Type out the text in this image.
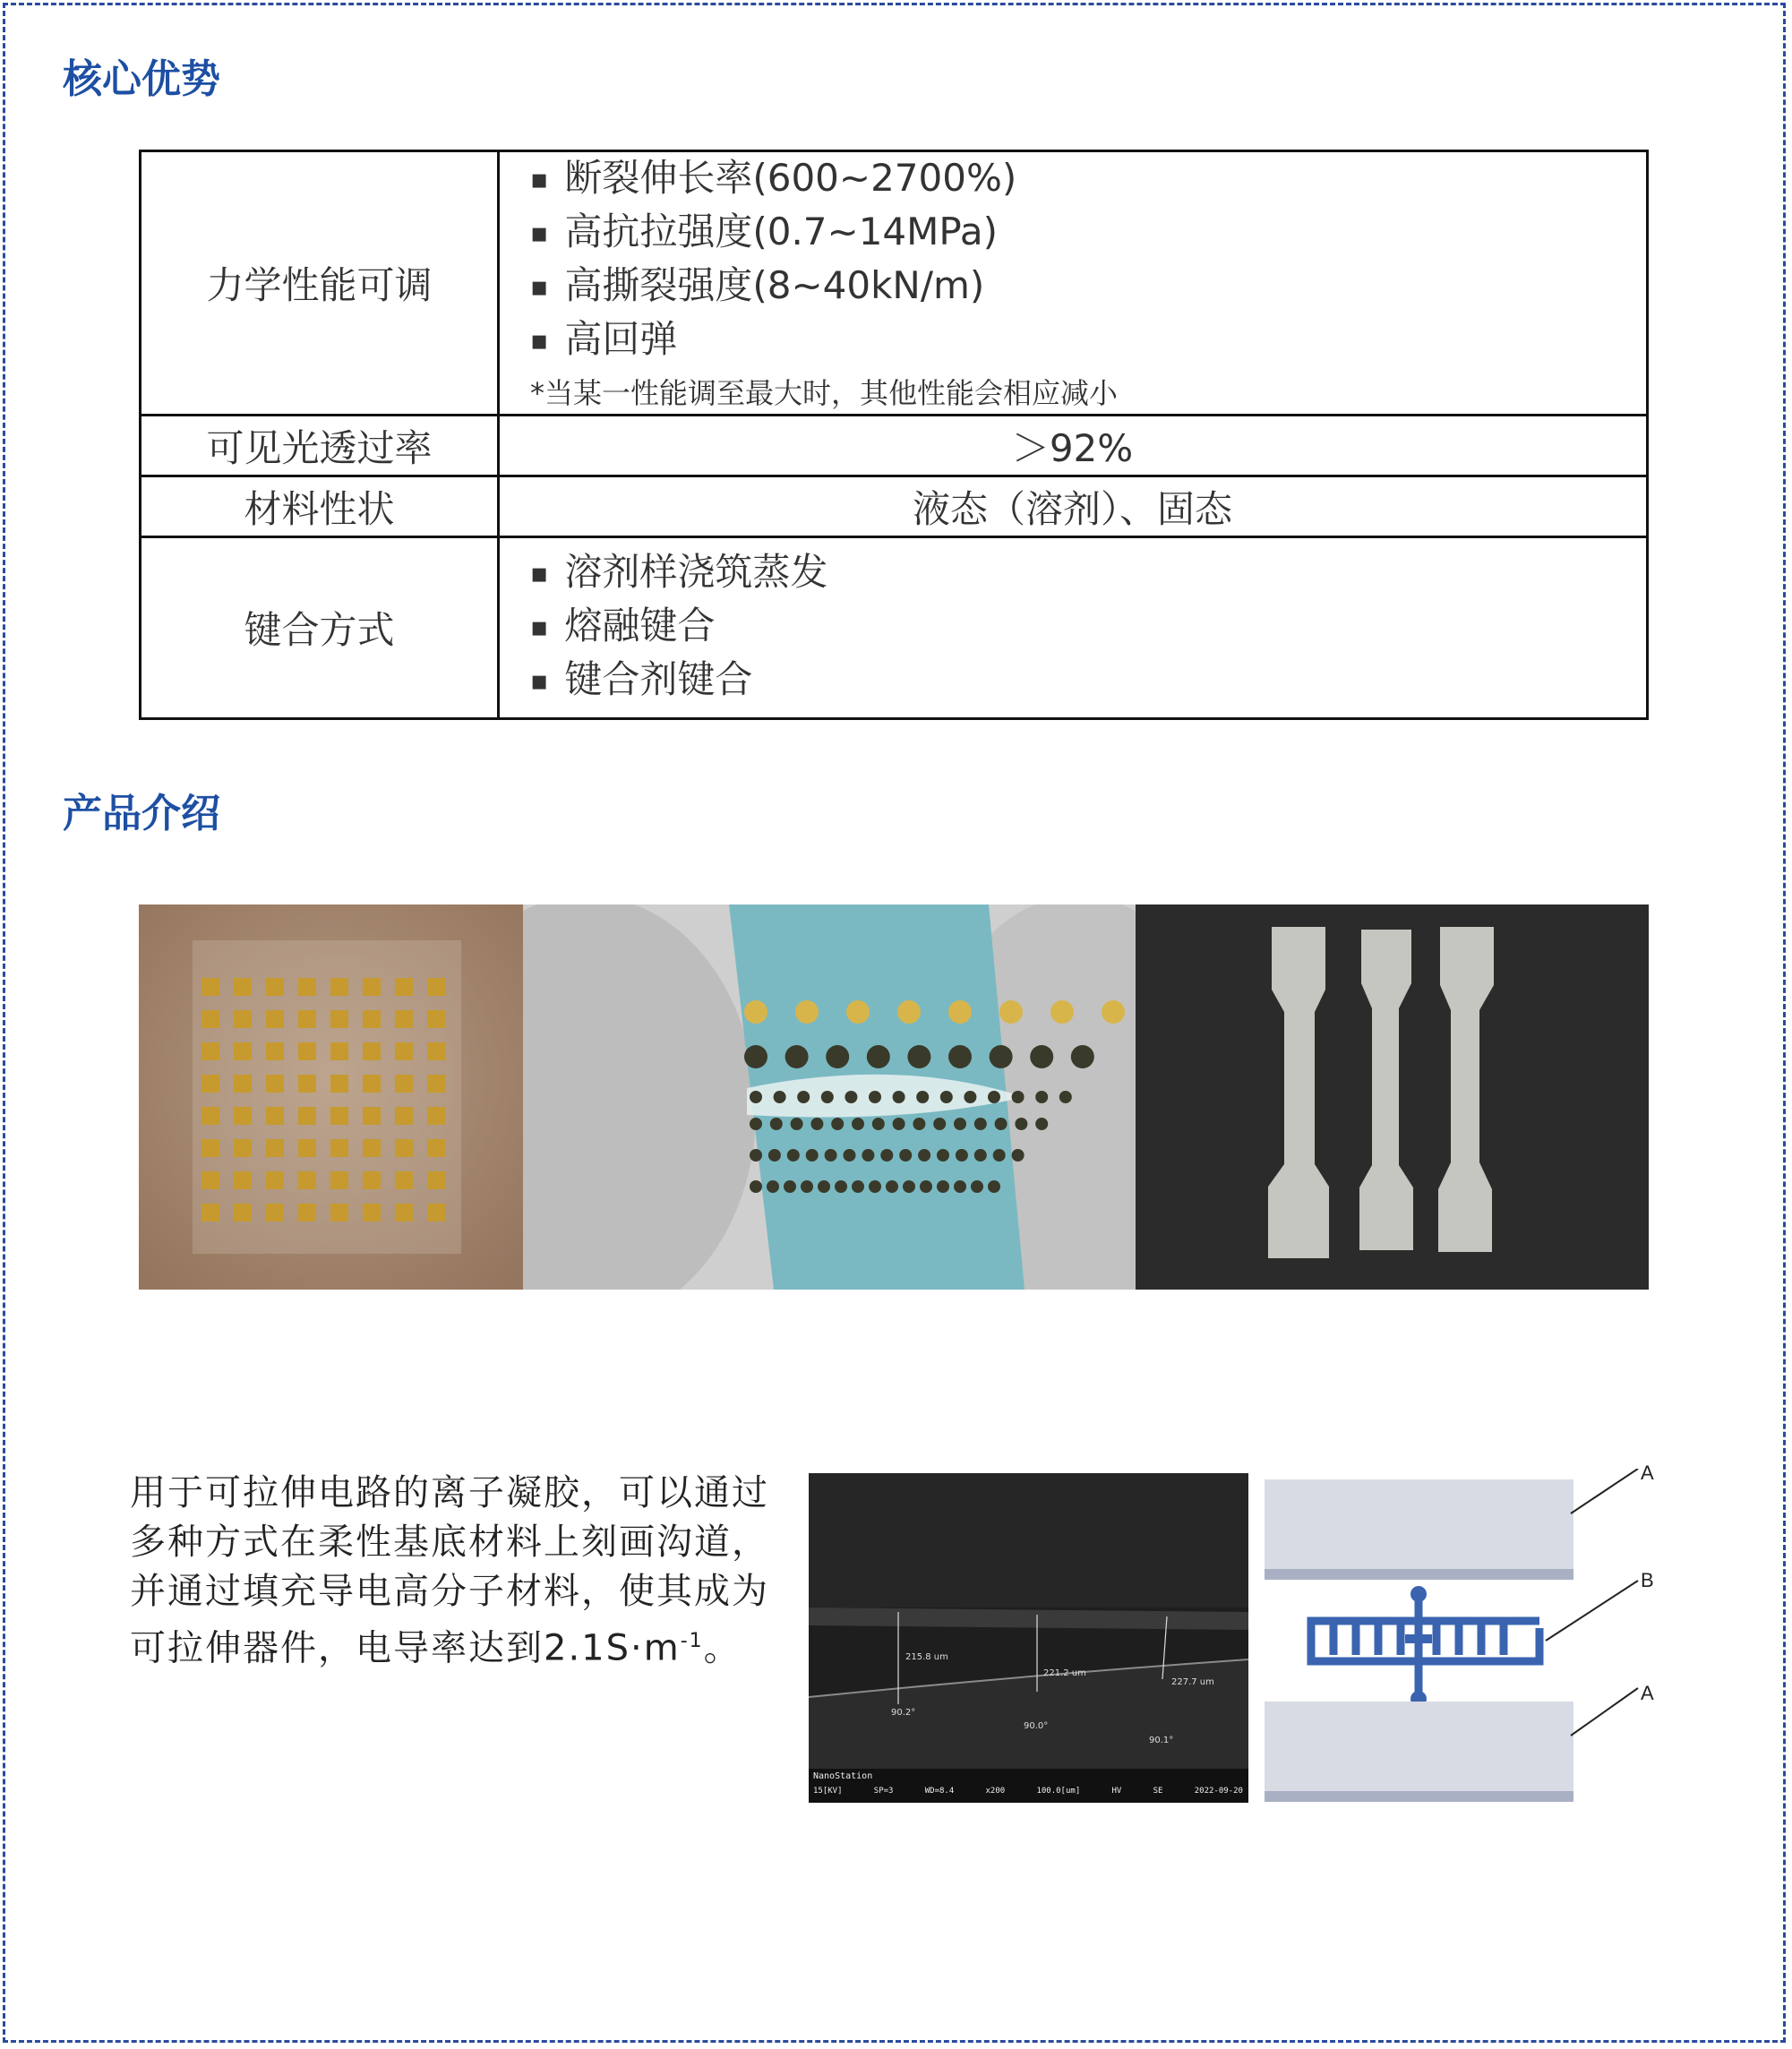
核心优势
力学性能可调	▪ 断裂伸长率(600~2700%)
▪ 高抗拉强度(0.7~14MPa)
▪ 高撕裂强度(8~40kN/m)
▪ 高回弹
*当某一性能调至最大时，其他性能会相应减小

可见光透过率	＞92%
材料性状	液态（溶剂）、固态
键合方式	▪ 溶剂样浇筑蒸发
▪ 熔融键合
▪ 键合剂键合
产品介绍
用于可拉伸电路的离子凝胶，可以通过多种方式在柔性基底材料上刻画沟道，并通过填充导电高分子材料，使其成为可拉伸器件，电导率达到$2.1S\cdot m^{-1}$。	215.8 um
221.2 um
227.7 um
90.2°
90.0°
90.1°
NanoStation
15[KV]	SP=3	WD=8.4	x200	100.0[um]	HV	SE	2022-09-20
A
B
A
